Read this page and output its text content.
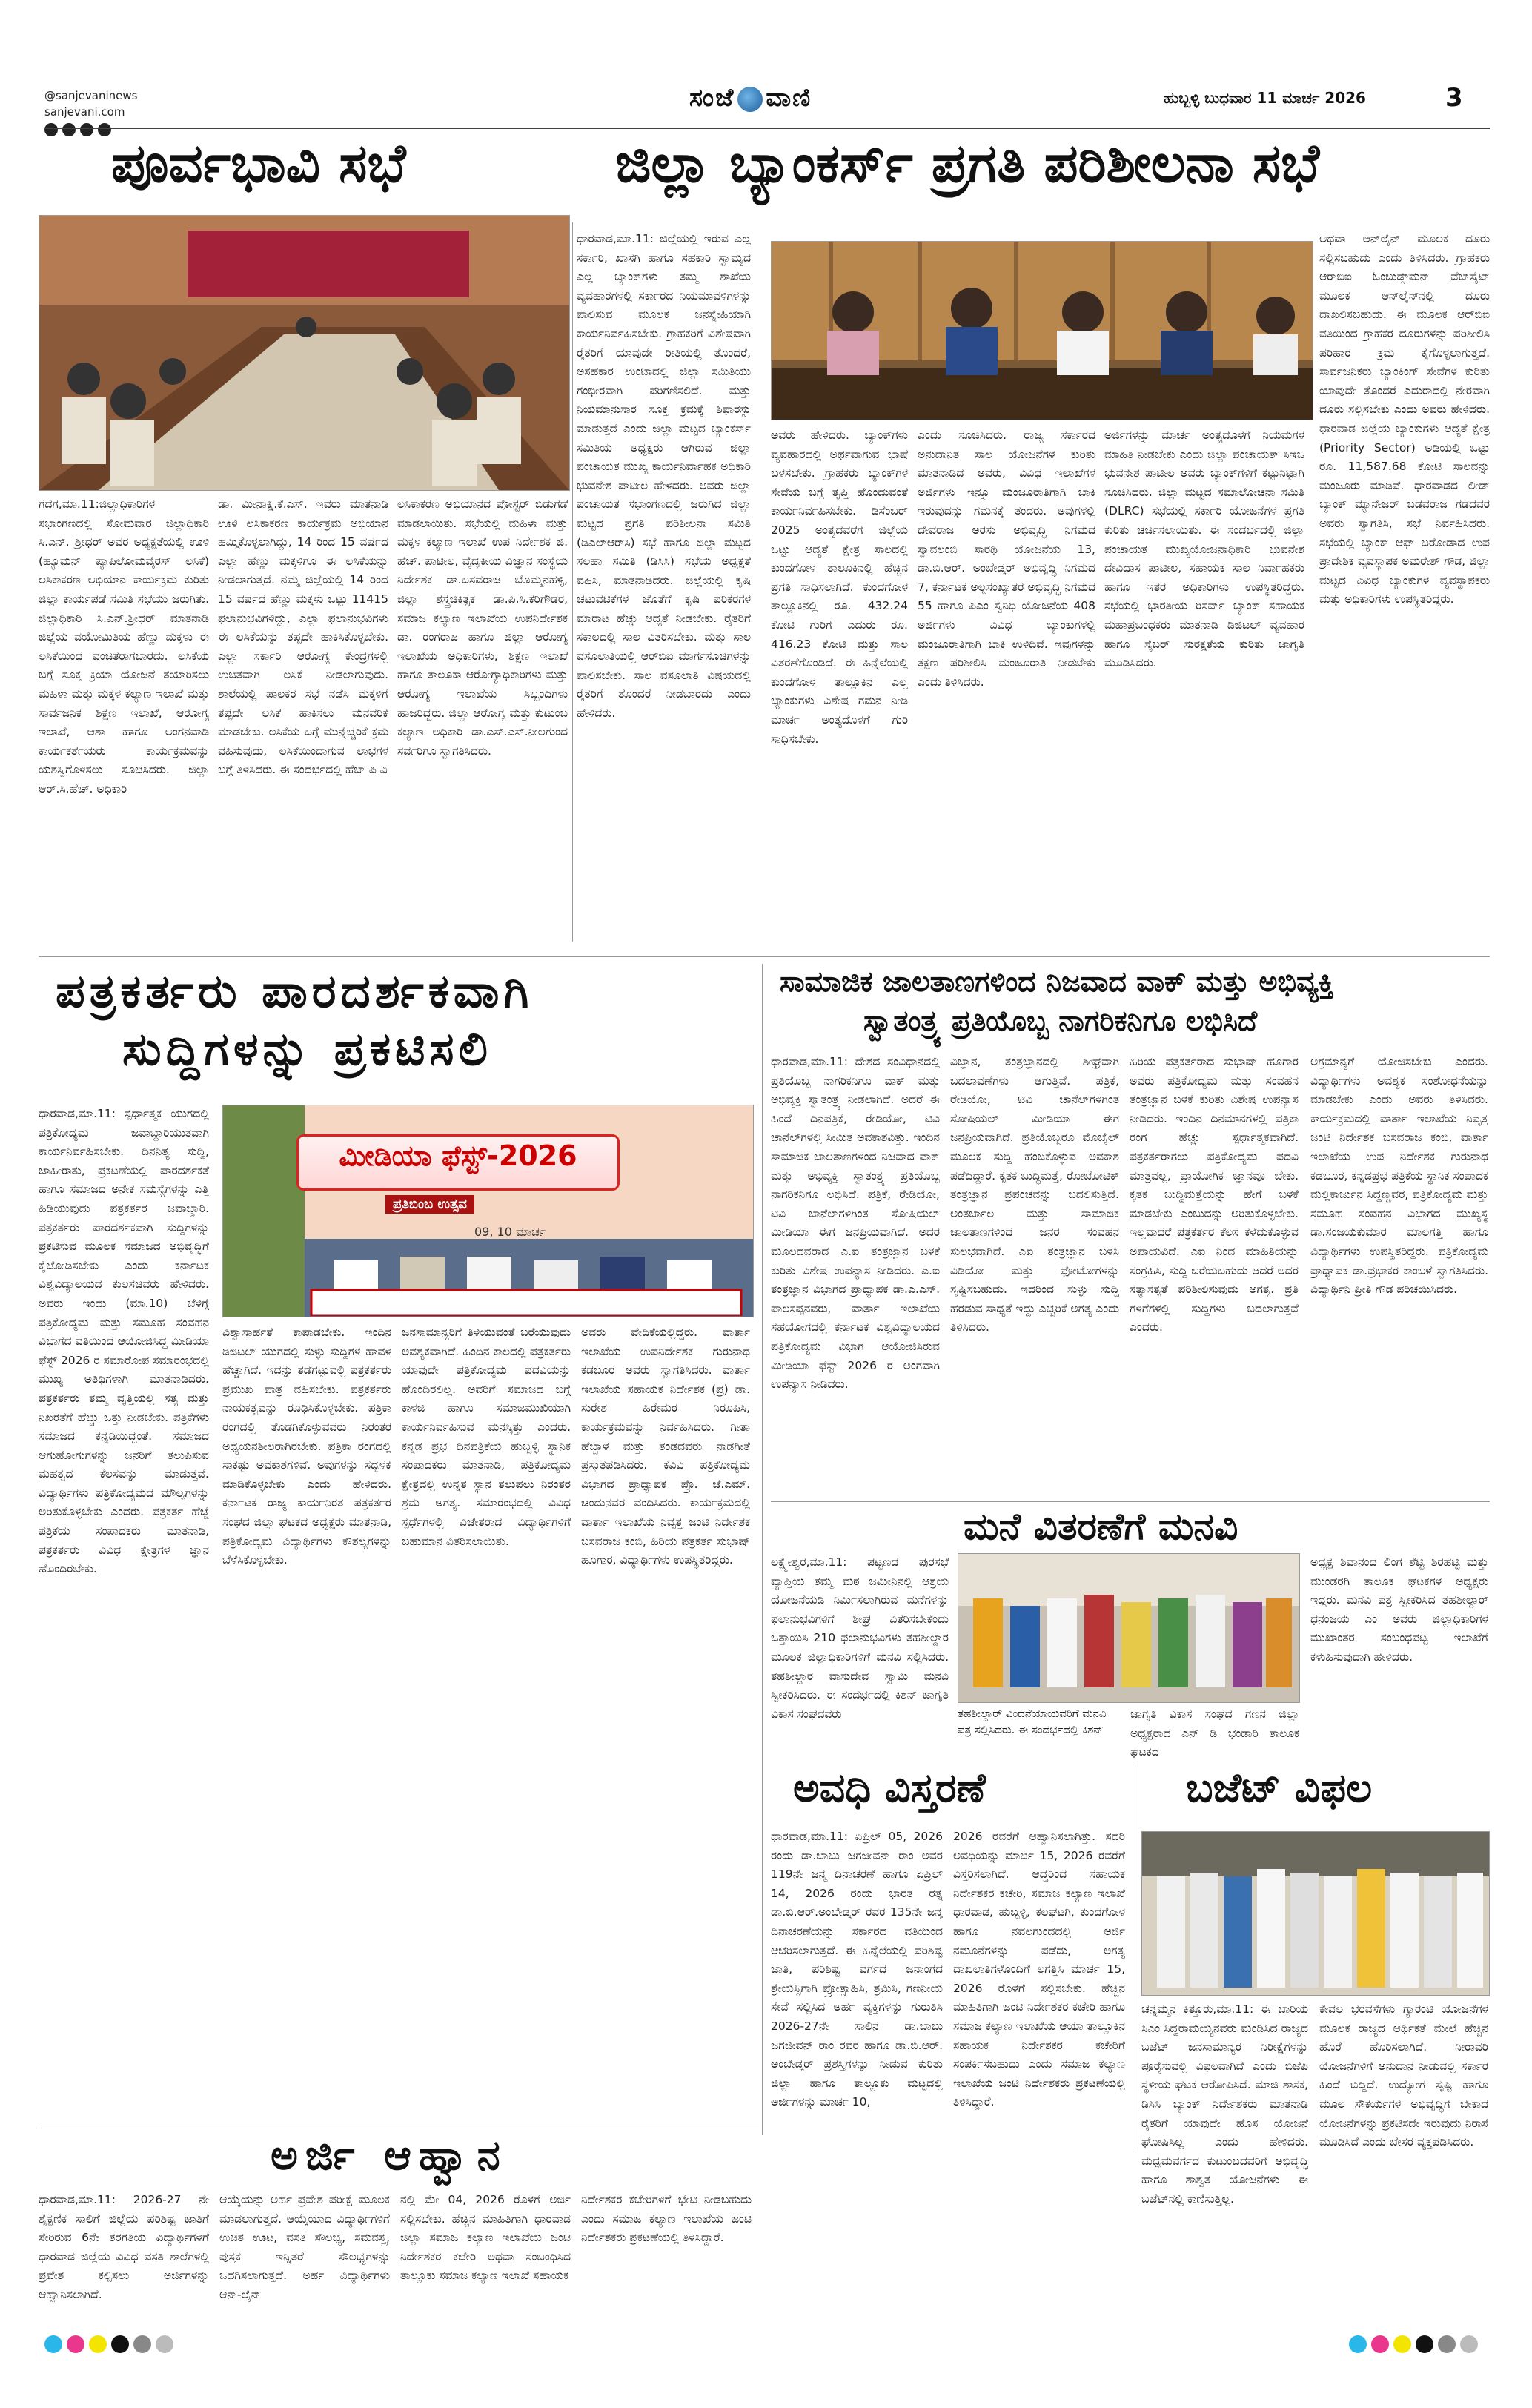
@sanjevaninews
sanjevani.com	ಸಂಜೆ ವಾಣಿ	ಹುಬ್ಬಳ್ಳಿ ಬುಧವಾರ 11 ಮಾರ್ಚ 2026	3
ಪೂರ್ವಭಾವಿ ಸಭೆ
ಗದಗ,ಮಾ.11:ಜಿಲ್ಲಾಧಿಕಾರಿಗಳ ಸಭಾಂಗಣದಲ್ಲಿ ಸೋಮವಾರ ಜಿಲ್ಲಾಧಿಕಾರಿ ಸಿ.ಎನ್. ಶ್ರೀಧರ್ ಅವರ ಅಧ್ಯಕ್ಷತೆಯಲ್ಲಿ ಊಳಿ (ಹ್ಯೂಮನ್ ಪ್ಯಾಪಿಲೋಮವೈರಸ್ ಲಸಿಕೆ) ಲಸಿಕಾಕರಣ ಅಭಿಯಾನ ಕಾರ್ಯಕ್ರಮ ಕುರಿತು ಜಿಲ್ಲಾ ಕಾರ್ಯಪಡೆ ಸಮಿತಿ ಸಭೆಯು ಜರುಗಿತು. ಜಿಲ್ಲಾಧಿಕಾರಿ ಸಿ.ಎನ್.ಶ್ರೀಧರ್ ಮಾತನಾಡಿ ಜಿಲ್ಲೆಯ ವಯೋಮಿತಿಯ ಹೆಣ್ಣು ಮಕ್ಕಳು ಈ ಲಸಿಕೆಯಿಂದ ವಂಚಿತರಾಗಬಾರದು. ಲಸಿಕೆಯ ಬಗ್ಗೆ ಸೂಕ್ತ ಕ್ರಿಯಾ ಯೋಜನೆ ತಯಾರಿಸಲು ಮಹಿಳಾ ಮತ್ತು ಮಕ್ಕಳ ಕಲ್ಯಾಣ ಇಲಾಖೆ ಮತ್ತು ಸಾರ್ವಜನಿಕ ಶಿಕ್ಷಣ ಇಲಾಖೆ, ಆರೋಗ್ಯ ಇಲಾಖೆ, ಆಶಾ ಹಾಗೂ ಅಂಗನವಾಡಿ ಕಾರ್ಯಕರ್ತೆಯರು ಕಾರ್ಯಕ್ರಮವನ್ನು ಯಶಸ್ವಿಗೊಳಿಸಲು ಸೂಚಿಸಿದರು. ಜಿಲ್ಲಾ ಆರ್.ಸಿ.ಹೆಚ್. ಅಧಿಕಾರಿ
ಡಾ. ಮೀನಾಕ್ಷಿ.ಕೆ.ಎಸ್. ಇವರು ಮಾತನಾಡಿ ಊಳಿ ಲಸಿಕಾಕರಣ ಕಾರ್ಯಕ್ರಮ ಅಭಿಯಾನ ಹಮ್ಮಿಕೊಳ್ಳಲಾಗಿದ್ದು, 14 ರಿಂದ 15 ವರ್ಷದ ಎಲ್ಲಾ ಹೆಣ್ಣು ಮಕ್ಕಳಿಗೂ ಈ ಲಸಿಕೆಯನ್ನು ನೀಡಲಾಗುತ್ತದೆ. ನಮ್ಮ ಜಿಲ್ಲೆಯಲ್ಲಿ 14 ರಿಂದ 15 ವರ್ಷದ ಹೆಣ್ಣು ಮಕ್ಕಳು ಒಟ್ಟು 11415 ಫಲಾನುಭವಿಗಳಿದ್ದು, ಎಲ್ಲಾ ಫಲಾನುಭವಿಗಳು ಈ ಲಸಿಕೆಯನ್ನು ತಪ್ಪದೇ ಹಾಕಿಸಿಕೊಳ್ಳಬೇಕು. ಎಲ್ಲಾ ಸರ್ಕಾರಿ ಆರೋಗ್ಯ ಕೇಂದ್ರಗಳಲ್ಲಿ ಉಚಿತವಾಗಿ ಲಸಿಕೆ ನೀಡಲಾಗುವುದು. ಶಾಲೆಯಲ್ಲಿ ಪಾಲಕರ ಸಭೆ ನಡೆಸಿ ಮಕ್ಕಳಿಗೆ ತಪ್ಪದೇ ಲಸಿಕೆ ಹಾಕಿಸಲು ಮನವರಿಕೆ ಮಾಡಬೇಕು. ಲಸಿಕೆಯ ಬಗ್ಗೆ ಮುನ್ನೆಚ್ಚರಿಕೆ ಕ್ರಮ ವಹಿಸುವುದು, ಲಸಿಕೆಯಿಂದಾಗುವ ಲಾಭಗಳ ಬಗ್ಗೆ ತಿಳಿಸಿದರು. ಈ ಸಂದರ್ಭದಲ್ಲಿ ಹೆಚ್ ಪಿ ವಿ
ಲಸಿಕಾಕರಣ ಅಭಿಯಾನದ ಪೋಸ್ಟರ್ ಬಿಡುಗಡೆ ಮಾಡಲಾಯಿತು. ಸಭೆಯಲ್ಲಿ ಮಹಿಳಾ ಮತ್ತು ಮಕ್ಕಳ ಕಲ್ಯಾಣ ಇಲಾಖೆ ಉಪ ನಿರ್ದೇಶಕ ಜಿ. ಹೆಚ್. ಪಾಟೀಲ, ವೈದ್ಯಕೀಯ ವಿಜ್ಞಾನ ಸಂಸ್ಥೆಯ ನಿರ್ದೇಶಕ ಡಾ.ಬಸವರಾಜ ಬೊಮ್ಮನಹಳ್ಳಿ, ಜಿಲ್ಲಾ ಶಸ್ತ್ರಚಿಕಿತ್ಸಕ ಡಾ.ಪಿ.ಸಿ.ಕರಿಗೌಡರ, ಸಮಾಜ ಕಲ್ಯಾಣ ಇಲಾಖೆಯ ಉಪನಿರ್ದೇಶಕ ಡಾ. ರಂಗರಾಜ ಹಾಗೂ ಜಿಲ್ಲಾ ಆರೋಗ್ಯ ಇಲಾಖೆಯ ಅಧಿಕಾರಿಗಳು, ಶಿಕ್ಷಣ ಇಲಾಖೆ ಹಾಗೂ ತಾಲೂಕಾ ಆರೋಗ್ಯಾಧಿಕಾರಿಗಳು ಮತ್ತು ಆರೋಗ್ಯ ಇಲಾಖೆಯ ಸಿಬ್ಬಂದಿಗಳು ಹಾಜರಿದ್ದರು. ಜಿಲ್ಲಾ ಆರೋಗ್ಯ ಮತ್ತು ಕುಟುಂಬ ಕಲ್ಯಾಣ ಅಧಿಕಾರಿ ಡಾ.ಎಸ್.ಎಸ್.ನೀಲಗುಂದ ಸರ್ವರಿಗೂ ಸ್ವಾಗತಿಸಿದರು.
ಜಿಲ್ಲಾ ಬ್ಯಾಂಕರ್ಸ್ ಪ್ರಗತಿ ಪರಿಶೀಲನಾ ಸಭೆ
ಧಾರವಾಡ,ಮಾ.11: ಜಿಲ್ಲೆಯಲ್ಲಿ ಇರುವ ಎಲ್ಲ ಸರ್ಕಾರಿ, ಖಾಸಗಿ ಹಾಗೂ ಸಹಕಾರಿ ಸ್ವಾಮ್ಯದ ಎಲ್ಲ ಬ್ಯಾಂಕ್‌ಗಳು ತಮ್ಮ ಶಾಖೆಯ ವ್ಯವಹಾರಗಳಲ್ಲಿ ಸರ್ಕಾರದ ನಿಯಮಾವಳಿಗಳನ್ನು ಪಾಲಿಸುವ ಮೂಲಕ ಜನಸ್ನೇಹಿಯಾಗಿ ಕಾರ್ಯನಿರ್ವಹಿಸಬೇಕು. ಗ್ರಾಹಕರಿಗೆ ವಿಶೇಷವಾಗಿ ರೈತರಿಗೆ ಯಾವುದೇ ರೀತಿಯಲ್ಲಿ ತೊಂದರೆ, ಅಸಹಕಾರ ಉಂಟಾದಲ್ಲಿ ಜಿಲ್ಲಾ ಸಮಿತಿಯು ಗಂಭೀರವಾಗಿ ಪರಿಗಣಿಸಲಿದೆ. ಮತ್ತು ನಿಯಮಾನುಸಾರ ಸೂಕ್ತ ಕ್ರಮಕ್ಕೆ ಶಿಫಾರಸ್ಸು ಮಾಡುತ್ತದೆ ಎಂದು ಜಿಲ್ಲಾ ಮಟ್ಟದ ಬ್ಯಾಂಕರ್ಸ್ ಸಮಿತಿಯ ಅಧ್ಯಕ್ಷರು ಆಗಿರುವ ಜಿಲ್ಲಾ ಪಂಚಾಯತ ಮುಖ್ಯ ಕಾರ್ಯನಿರ್ವಾಹಕ ಅಧಿಕಾರಿ ಭುವನೇಶ ಪಾಟೀಲ ಹೇಳಿದರು. ಅವರು ಜಿಲ್ಲಾ ಪಂಚಾಯತ ಸಭಾಂಗಣದಲ್ಲಿ ಜರುಗಿದ ಜಿಲ್ಲಾ ಮಟ್ಟದ ಪ್ರಗತಿ ಪರಿಶೀಲನಾ ಸಮಿತಿ (ಡಿಎಲ್‌ಆರ್‌ಸಿ) ಸಭೆ ಹಾಗೂ ಜಿಲ್ಲಾ ಮಟ್ಟದ ಸಲಹಾ ಸಮಿತಿ (ಡಿಸಿಸಿ) ಸಭೆಯ ಅಧ್ಯಕ್ಷತೆ ವಹಿಸಿ, ಮಾತನಾಡಿದರು. ಜಿಲ್ಲೆಯಲ್ಲಿ ಕೃಷಿ ಚಟುವಟಿಕೆಗಳ ಜೊತೆಗೆ ಕೃಷಿ ಪರಿಕರಗಳ ಮಾರಾಟ ಹೆಚ್ಚು ಆದ್ಯತೆ ನೀಡಬೇಕು. ರೈತರಿಗೆ ಸಕಾಲದಲ್ಲಿ ಸಾಲ ವಿತರಿಸಬೇಕು. ಮತ್ತು ಸಾಲ ವಸೂಲಾತಿಯಲ್ಲಿ ಆರ್‌ಬಿಐ ಮಾರ್ಗಸೂಚಿಗಳನ್ನು ಪಾಲಿಸಬೇಕು. ಸಾಲ ವಸೂಲಾತಿ ವಿಷಯದಲ್ಲಿ ರೈತರಿಗೆ ತೊಂದರೆ ನೀಡಬಾರದು ಎಂದು ಹೇಳಿದರು.
ಅವರು ಹೇಳಿದರು. ಬ್ಯಾಂಕ್‌ಗಳು ವ್ಯವಹಾರದಲ್ಲಿ ಅರ್ಥವಾಗುವ ಭಾಷೆ ಬಳಸಬೇಕು. ಗ್ರಾಹಕರು ಬ್ಯಾಂಕ್‌ಗಳ ಸೇವೆಯ ಬಗ್ಗೆ ತೃಪ್ತಿ ಹೊಂದುವಂತೆ ಕಾರ್ಯನಿರ್ವಹಿಸಬೇಕು. ಡಿಸೆಂಬರ್ 2025 ಅಂತ್ಯದವರೆಗೆ ಜಿಲ್ಲೆಯ ಒಟ್ಟು ಆದ್ಯತೆ ಕ್ಷೇತ್ರ ಸಾಲದಲ್ಲಿ ಕುಂದಗೋಳ ತಾಲೂಕಿನಲ್ಲಿ ಹೆಚ್ಚಿನ ಪ್ರಗತಿ ಸಾಧಿಸಲಾಗಿದೆ. ಕುಂದಗೋಳ ತಾಲ್ಲೂಕಿನಲ್ಲಿ ರೂ. 432.24 ಕೋಟಿ ಗುರಿಗೆ ಎದುರು ರೂ. 416.23 ಕೋಟಿ ಮತ್ತು ಸಾಲ ವಿತರಣೆಗೊಂಡಿದೆ. ಈ ಹಿನ್ನೆಲೆಯಲ್ಲಿ ಕುಂದಗೋಳ ತಾಲ್ಲೂಕಿನ ಎಲ್ಲ ಬ್ಯಾಂಕುಗಳು ವಿಶೇಷ ಗಮನ ನೀಡಿ ಮಾರ್ಚ ಅಂತ್ಯದೊಳಗೆ ಗುರಿ ಸಾಧಿಸಬೇಕು.
ಎಂದು ಸೂಚಿಸಿದರು. ರಾಜ್ಯ ಸರ್ಕಾರದ ಅನುದಾನಿತ ಸಾಲ ಯೋಜನೆಗಳ ಕುರಿತು ಮಾತನಾಡಿದ ಅವರು, ವಿವಿಧ ಇಲಾಖೆಗಳ ಅರ್ಜಿಗಳು ಇನ್ನೂ ಮಂಜೂರಾತಿಗಾಗಿ ಬಾಕಿ ಇರುವುದನ್ನು ಗಮನಕ್ಕೆ ತಂದರು. ಅವುಗಳಲ್ಲಿ ದೇವರಾಜ ಅರಸು ಅಭಿವೃದ್ಧಿ ನಿಗಮದ ಸ್ವಾವಲಂಬಿ ಸಾರಥಿ ಯೋಜನೆಯ 13, ಡಾ.ಬಿ.ಆರ್. ಅಂಬೇಡ್ಕರ್ ಅಭಿವೃದ್ಧಿ ನಿಗಮದ 7, ಕರ್ನಾಟಕ ಅಲ್ಪಸಂಖ್ಯಾತರ ಅಭಿವೃದ್ಧಿ ನಿಗಮದ 55 ಹಾಗೂ ಪಿಎಂ ಸ್ವನಿಧಿ ಯೋಜನೆಯ 408 ಅರ್ಜಿಗಳು ವಿವಿಧ ಬ್ಯಾಂಕುಗಳಲ್ಲಿ ಮಂಜೂರಾತಿಗಾಗಿ ಬಾಕಿ ಉಳಿದಿವೆ. ಇವುಗಳನ್ನು ತಕ್ಷಣ ಪರಿಶೀಲಿಸಿ ಮಂಜೂರಾತಿ ನೀಡಬೇಕು ಎಂದು ತಿಳಿಸಿದರು.
ಅರ್ಜಿಗಳನ್ನು ಮಾರ್ಚ ಅಂತ್ಯದೊಳಗೆ ನಿಯಮಗಳ ಮಾಹಿತಿ ನೀಡಬೇಕು ಎಂದು ಜಿಲ್ಲಾ ಪಂಚಾಯತ್ ಸಿಇಒ ಭುವನೇಶ ಪಾಟೀಲ ಅವರು ಬ್ಯಾಂಕ್‌ಗಳಿಗೆ ಕಟ್ಟುನಿಟ್ಟಾಗಿ ಸೂಚಿಸಿದರು. ಜಿಲ್ಲಾ ಮಟ್ಟದ ಸಮಾಲೋಚನಾ ಸಮಿತಿ (DLRC) ಸಭೆಯಲ್ಲಿ ಸರ್ಕಾರಿ ಯೋಜನೆಗಳ ಪ್ರಗತಿ ಕುರಿತು ಚರ್ಚಿಸಲಾಯಿತು. ಈ ಸಂದರ್ಭದಲ್ಲಿ ಜಿಲ್ಲಾ ಪಂಚಾಯತ ಮುಖ್ಯಯೋಜನಾಧಿಕಾರಿ ಭುವನೇಶ ದೇವಿದಾಸ ಪಾಟೀಲ, ಸಹಾಯಕ ಸಾಲ ನಿರ್ವಾಹಕರು ಹಾಗೂ ಇತರ ಅಧಿಕಾರಿಗಳು ಉಪಸ್ಥಿತರಿದ್ದರು. ಸಭೆಯಲ್ಲಿ ಭಾರತೀಯ ರಿಸರ್ವ್ ಬ್ಯಾಂಕ್ ಸಹಾಯಕ ಮಹಾಪ್ರಬಂಧಕರು ಮಾತನಾಡಿ ಡಿಜಿಟಲ್ ವ್ಯವಹಾರ ಹಾಗೂ ಸೈಬರ್ ಸುರಕ್ಷತೆಯ ಕುರಿತು ಜಾಗೃತಿ ಮೂಡಿಸಿದರು.
ಅಥವಾ ಆನ್‌ಲೈನ್ ಮೂಲಕ ದೂರು ಸಲ್ಲಿಸಬಹುದು ಎಂದು ತಿಳಿಸಿದರು. ಗ್ರಾಹಕರು ಆರ್‌ಬಿಐ ಓಂಬುಡ್ಸ್‌ಮನ್ ವೆಬ್‌ಸೈಟ್ ಮೂಲಕ ಆನ್‌ಲೈನ್‌ನಲ್ಲಿ ದೂರು ದಾಖಲಿಸಬಹುದು. ಈ ಮೂಲಕ ಆರ್‌ಬಿಐ ವತಿಯಿಂದ ಗ್ರಾಹಕರ ದೂರುಗಳನ್ನು ಪರಿಶೀಲಿಸಿ ಪರಿಹಾರ ಕ್ರಮ ಕೈಗೊಳ್ಳಲಾಗುತ್ತದೆ. ಸಾರ್ವಜನಿಕರು ಬ್ಯಾಂಕಿಂಗ್ ಸೇವೆಗಳ ಕುರಿತು ಯಾವುದೇ ತೊಂದರೆ ಎದುರಾದಲ್ಲಿ ನೇರವಾಗಿ ದೂರು ಸಲ್ಲಿಸಬೇಕು ಎಂದು ಅವರು ಹೇಳಿದರು. ಧಾರವಾಡ ಜಿಲ್ಲೆಯ ಬ್ಯಾಂಕುಗಳು ಆದ್ಯತೆ ಕ್ಷೇತ್ರ (Priority Sector) ಅಡಿಯಲ್ಲಿ ಒಟ್ಟು ರೂ. 11,587.68 ಕೋಟಿ ಸಾಲವನ್ನು ಮಂಜೂರು ಮಾಡಿವೆ. ಧಾರವಾಡದ ಲೀಡ್ ಬ್ಯಾಂಕ್ ಮ್ಯಾನೇಜರ್ ಬಡವರಾಜ ಗಡದವರ ಅವರು ಸ್ವಾಗತಿಸಿ, ಸಭೆ ನಿರ್ವಹಿಸಿದರು. ಸಭೆಯಲ್ಲಿ ಬ್ಯಾಂಕ್ ಆಫ್ ಬರೋಡಾದ ಉಪ ಪ್ರಾದೇಶಿಕ ವ್ಯವಸ್ಥಾಪಕ ಅಮರೇಶ್ ಗೌಡ, ಜಿಲ್ಲಾ ಮಟ್ಟದ ವಿವಿಧ ಬ್ಯಾಂಕುಗಳ ವ್ಯವಸ್ಥಾಪಕರು ಮತ್ತು ಅಧಿಕಾರಿಗಳು ಉಪಸ್ಥಿತರಿದ್ದರು.
ಪತ್ರಕರ್ತರು ಪಾರದರ್ಶಕವಾಗಿ
ಸುದ್ದಿಗಳನ್ನು ಪ್ರಕಟಿಸಲಿ
ಧಾರವಾಡ,ಮಾ.11: ಸ್ಪರ್ಧಾತ್ಮಕ ಯುಗದಲ್ಲಿ ಪತ್ರಿಕೋದ್ಯಮ ಜವಾಬ್ದಾರಿಯುತವಾಗಿ ಕಾರ್ಯನಿರ್ವಹಿಸಬೇಕು. ದಿನನಿತ್ಯ ಸುದ್ದಿ, ಜಾಹೀರಾತು, ಪ್ರಕಟಣೆಯಲ್ಲಿ ಪಾರದರ್ಶಕತೆ ಹಾಗೂ ಸಮಾಜದ ಅನೇಕ ಸಮಸ್ಯೆಗಳನ್ನು ಎತ್ತಿ ಹಿಡಿಯುವುದು ಪತ್ರಕರ್ತರ ಜವಾಬ್ದಾರಿ. ಪತ್ರಕರ್ತರು ಪಾರದರ್ಶಕವಾಗಿ ಸುದ್ದಿಗಳನ್ನು ಪ್ರಕಟಿಸುವ ಮೂಲಕ ಸಮಾಜದ ಅಭಿವೃದ್ಧಿಗೆ ಕೈಜೋಡಿಸಬೇಕು ಎಂದು ಕರ್ನಾಟಕ ವಿಶ್ವವಿದ್ಯಾಲಯದ ಕುಲಸಚಿವರು ಹೇಳಿದರು. ಅವರು ಇಂದು (ಮಾ.10) ಬೆಳಿಗ್ಗೆ ಪತ್ರಿಕೋದ್ಯಮ ಮತ್ತು ಸಮೂಹ ಸಂವಹನ ವಿಭಾಗದ ವತಿಯಿಂದ ಆಯೋಜಿಸಿದ್ದ ಮೀಡಿಯಾ ಫೆಸ್ಟ್ 2026 ರ ಸಮಾರೋಪ ಸಮಾರಂಭದಲ್ಲಿ ಮುಖ್ಯ ಅತಿಥಿಗಳಾಗಿ ಮಾತನಾಡಿದರು. ಪತ್ರಕರ್ತರು ತಮ್ಮ ವೃತ್ತಿಯಲ್ಲಿ ಸತ್ಯ ಮತ್ತು ನಿಖರತೆಗೆ ಹೆಚ್ಚು ಒತ್ತು ನೀಡಬೇಕು. ಪತ್ರಿಕೆಗಳು ಸಮಾಜದ ಕನ್ನಡಿಯಿದ್ದಂತೆ. ಸಮಾಜದ ಆಗುಹೋಗುಗಳನ್ನು ಜನರಿಗೆ ತಲುಪಿಸುವ ಮಹತ್ವದ ಕೆಲಸವನ್ನು ಮಾಡುತ್ತವೆ. ವಿದ್ಯಾರ್ಥಿಗಳು ಪತ್ರಿಕೋದ್ಯಮದ ಮೌಲ್ಯಗಳನ್ನು ಅರಿತುಕೊಳ್ಳಬೇಕು ಎಂದರು. ಪತ್ರಕರ್ತ ಹೆಜ್ಜೆ ಪತ್ರಿಕೆಯ ಸಂಪಾದಕರು ಮಾತನಾಡಿ, ಪತ್ರಕರ್ತರು ವಿವಿಧ ಕ್ಷೇತ್ರಗಳ ಜ್ಞಾನ ಹೊಂದಿರಬೇಕು.
ಮೀಡಿಯಾ ಫೆಸ್ಟ್-2026
ಪ್ರತಿಬಿಂಬ ಉತ್ಸವ
09, 10 ಮಾರ್ಚ
ವಿಶ್ವಾಸಾರ್ಹತೆ ಕಾಪಾಡಬೇಕು. ಇಂದಿನ ಡಿಜಿಟಲ್ ಯುಗದಲ್ಲಿ ಸುಳ್ಳು ಸುದ್ದಿಗಳ ಹಾವಳಿ ಹೆಚ್ಚಾಗಿದೆ. ಇದನ್ನು ತಡೆಗಟ್ಟುವಲ್ಲಿ ಪತ್ರಕರ್ತರು ಪ್ರಮುಖ ಪಾತ್ರ ವಹಿಸಬೇಕು. ಪತ್ರಕರ್ತರು ನಾಯಕತ್ವವನ್ನು ರೂಢಿಸಿಕೊಳ್ಳಬೇಕು. ಪತ್ರಿಕಾ ರಂಗದಲ್ಲಿ ತೊಡಗಿಕೊಳ್ಳುವವರು ನಿರಂತರ ಅಧ್ಯಯನಶೀಲರಾಗಿರಬೇಕು. ಪತ್ರಿಕಾ ರಂಗದಲ್ಲಿ ಸಾಕಷ್ಟು ಅವಕಾಶಗಳಿವೆ. ಅವುಗಳನ್ನು ಸದ್ಬಳಕೆ ಮಾಡಿಕೊಳ್ಳಬೇಕು ಎಂದು ಹೇಳಿದರು. ಕರ್ನಾಟಕ ರಾಜ್ಯ ಕಾರ್ಯನಿರತ ಪತ್ರಕರ್ತರ ಸಂಘದ ಜಿಲ್ಲಾ ಘಟಕದ ಅಧ್ಯಕ್ಷರು ಮಾತನಾಡಿ, ಪತ್ರಿಕೋದ್ಯಮ ವಿದ್ಯಾರ್ಥಿಗಳು ಕೌಶಲ್ಯಗಳನ್ನು ಬೆಳೆಸಿಕೊಳ್ಳಬೇಕು.
ಜನಸಾಮಾನ್ಯರಿಗೆ ತಿಳಿಯುವಂತೆ ಬರೆಯುವುದು ಅವಶ್ಯಕವಾಗಿದೆ. ಹಿಂದಿನ ಕಾಲದಲ್ಲಿ ಪತ್ರಕರ್ತರು ಯಾವುದೇ ಪತ್ರಿಕೋದ್ಯಮ ಪದವಿಯನ್ನು ಹೊಂದಿರಲಿಲ್ಲ. ಅವರಿಗೆ ಸಮಾಜದ ಬಗ್ಗೆ ಕಾಳಜಿ ಹಾಗೂ ಸಮಾಜಮುಖಿಯಾಗಿ ಕಾರ್ಯನಿರ್ವಹಿಸುವ ಮನಸ್ಸಿತ್ತು ಎಂದರು. ಕನ್ನಡ ಪ್ರಭ ದಿನಪತ್ರಿಕೆಯ ಹುಬ್ಬಳ್ಳಿ ಸ್ಥಾನಿಕ ಸಂಪಾದಕರು ಮಾತನಾಡಿ, ಪತ್ರಿಕೋದ್ಯಮ ಕ್ಷೇತ್ರದಲ್ಲಿ ಉನ್ನತ ಸ್ಥಾನ ತಲುಪಲು ನಿರಂತರ ಶ್ರಮ ಅಗತ್ಯ. ಸಮಾರಂಭದಲ್ಲಿ ವಿವಿಧ ಸ್ಪರ್ಧೆಗಳಲ್ಲಿ ವಿಜೇತರಾದ ವಿದ್ಯಾರ್ಥಿಗಳಿಗೆ ಬಹುಮಾನ ವಿತರಿಸಲಾಯಿತು.
ಅವರು ವೇದಿಕೆಯಲ್ಲಿದ್ದರು. ವಾರ್ತಾ ಇಲಾಖೆಯ ಉಪನಿರ್ದೇಶಕ ಗುರುನಾಥ ಕಡಬೂರ ಅವರು ಸ್ವಾಗತಿಸಿದರು. ವಾರ್ತಾ ಇಲಾಖೆಯ ಸಹಾಯಕ ನಿರ್ದೇಶಕ (ಪ್ರ) ಡಾ. ಸುರೇಶ ಹಿರೇಮಠ ನಿರೂಪಿಸಿ, ಕಾರ್ಯಕ್ರಮವನ್ನು ನಿರ್ವಹಿಸಿದರು. ಗೀತಾ ಹೆಬ್ಬಾಳ ಮತ್ತು ತಂಡದವರು ನಾಡಗೀತೆ ಪ್ರಸ್ತುತಪಡಿಸಿದರು. ಕವಿವಿ ಪತ್ರಿಕೋದ್ಯಮ ವಿಭಾಗದ ಪ್ರಾಧ್ಯಾಪಕ ಪ್ರೊ. ಜೆ.ಎಮ್. ಚಂದುನವರ ವಂದಿಸಿದರು. ಕಾರ್ಯಕ್ರಮದಲ್ಲಿ ವಾರ್ತಾ ಇಲಾಖೆಯ ನಿವೃತ್ತ ಜಂಟಿ ನಿರ್ದೇಶಕ ಬಸವರಾಜ ಕಂಬಿ, ಹಿರಿಯ ಪತ್ರಕರ್ತ ಸುಭಾಷ್ ಹೂಗಾರ, ವಿದ್ಯಾರ್ಥಿಗಳು ಉಪಸ್ಥಿತರಿದ್ದರು.
ಸಾಮಾಜಿಕ ಜಾಲತಾಣಗಳಿಂದ ನಿಜವಾದ ವಾಕ್ ಮತ್ತು ಅಭಿವ್ಯಕ್ತಿ
ಸ್ವಾತಂತ್ರ್ಯ ಪ್ರತಿಯೊಬ್ಬ ನಾಗರಿಕನಿಗೂ ಲಭಿಸಿದೆ
ಧಾರವಾಡ,ಮಾ.11: ದೇಶದ ಸಂವಿಧಾನದಲ್ಲಿ ಪ್ರತಿಯೊಬ್ಬ ನಾಗರಿಕನಿಗೂ ವಾಕ್ ಮತ್ತು ಅಭಿವ್ಯಕ್ತಿ ಸ್ವಾತಂತ್ರ್ಯ ನೀಡಲಾಗಿದೆ. ಅದರೆ ಈ ಹಿಂದೆ ದಿನಪತ್ರಿಕೆ, ರೇಡಿಯೋ, ಟಿವಿ ಚಾನೆಲ್‌ಗಳಲ್ಲಿ ಸೀಮಿತ ಅವಕಾಶವಿತ್ತು. ಇಂದಿನ ಸಾಮಾಜಿಕ ಜಾಲತಾಣಗಳಿಂದ ನಿಜವಾದ ವಾಕ್ ಮತ್ತು ಅಭಿವ್ಯಕ್ತಿ ಸ್ವಾತಂತ್ರ್ಯ ಪ್ರತಿಯೊಬ್ಬ ನಾಗರಿಕನಿಗೂ ಲಭಿಸಿದೆ. ಪತ್ರಿಕೆ, ರೇಡಿಯೋ, ಟಿವಿ ಚಾನೆಲ್‌ಗಳಿಗಿಂತ ಸೋಷಿಯಲ್ ಮೀಡಿಯಾ ಈಗ ಜನಪ್ರಿಯವಾಗಿದೆ. ಅದರ ಮೂಲದವರಾದ ಎ.ಐ ತಂತ್ರಜ್ಞಾನ ಬಳಕೆ ಕುರಿತು ವಿಶೇಷ ಉಪನ್ಯಾಸ ನೀಡಿದರು. ಎ.ಐ ತಂತ್ರಜ್ಞಾನ ವಿಭಾಗದ ಪ್ರಾಧ್ಯಾಪಕ ಡಾ.ಎ.ಎಸ್. ಪಾಲಸಪ್ಪನವರು, ವಾರ್ತಾ ಇಲಾಖೆಯ ಸಹಯೋಗದಲ್ಲಿ ಕರ್ನಾಟಕ ವಿಶ್ವವಿದ್ಯಾಲಯದ ಪತ್ರಿಕೋದ್ಯಮ ವಿಭಾಗ ಆಯೋಜಿಸಿರುವ ಮೀಡಿಯಾ ಫೆಸ್ಟ್ 2026 ರ ಅಂಗವಾಗಿ ಉಪನ್ಯಾಸ ನೀಡಿದರು.
ವಿಜ್ಞಾನ, ತಂತ್ರಜ್ಞಾನದಲ್ಲಿ ಶೀಘ್ರವಾಗಿ ಬದಲಾವಣೆಗಳು ಆಗುತ್ತಿವೆ. ಪತ್ರಿಕೆ, ರೇಡಿಯೋ, ಟಿವಿ ಚಾನೆಲ್‌ಗಳಿಗಿಂತ ಸೋಷಿಯಲ್ ಮೀಡಿಯಾ ಈಗ ಜನಪ್ರಿಯವಾಗಿದೆ. ಪ್ರತಿಯೊಬ್ಬರೂ ಮೊಬೈಲ್ ಮೂಲಕ ಸುದ್ದಿ ಹಂಚಿಕೊಳ್ಳುವ ಅವಕಾಶ ಪಡೆದಿದ್ದಾರೆ. ಕೃತಕ ಬುದ್ಧಿಮತ್ತೆ, ರೋಬೋಟಿಕ್ ತಂತ್ರಜ್ಞಾನ ಪ್ರಪಂಚವನ್ನು ಬದಲಿಸುತ್ತಿದೆ. ಅಂತರ್ಜಾಲ ಮತ್ತು ಸಾಮಾಜಿಕ ಜಾಲತಾಣಗಳಿಂದ ಜನರ ಸಂವಹನ ಸುಲಭವಾಗಿದೆ. ಎಐ ತಂತ್ರಜ್ಞಾನ ಬಳಸಿ ವಿಡಿಯೋ ಮತ್ತು ಫೋಟೋಗಳನ್ನು ಸೃಷ್ಟಿಸಬಹುದು. ಇದರಿಂದ ಸುಳ್ಳು ಸುದ್ದಿ ಹರಡುವ ಸಾಧ್ಯತೆ ಇದ್ದು ಎಚ್ಚರಿಕೆ ಅಗತ್ಯ ಎಂದು ತಿಳಿಸಿದರು.
ಹಿರಿಯ ಪತ್ರಕರ್ತರಾದ ಸುಭಾಷ್ ಹೂಗಾರ ಅವರು ಪತ್ರಿಕೋದ್ಯಮ ಮತ್ತು ಸಂವಹನ ತಂತ್ರಜ್ಞಾನ ಬಳಕೆ ಕುರಿತು ವಿಶೇಷ ಉಪನ್ಯಾಸ ನೀಡಿದರು. ಇಂದಿನ ದಿನಮಾನಗಳಲ್ಲಿ ಪತ್ರಿಕಾ ರಂಗ ಹೆಚ್ಚು ಸ್ಪರ್ಧಾತ್ಮಕವಾಗಿದೆ. ಪತ್ರಕರ್ತರಾಗಲು ಪತ್ರಿಕೋದ್ಯಮ ಪದವಿ ಮಾತ್ರವಲ್ಲ, ಪ್ರಾಯೋಗಿಕ ಜ್ಞಾನವೂ ಬೇಕು. ಕೃತಕ ಬುದ್ಧಿಮತ್ತೆಯನ್ನು ಹೇಗೆ ಬಳಕೆ ಮಾಡಬೇಕು ಎಂಬುದನ್ನು ಅರಿತುಕೊಳ್ಳಬೇಕು. ಇಲ್ಲವಾದರೆ ಪತ್ರಕರ್ತರ ಕೆಲಸ ಕಳೆದುಕೊಳ್ಳುವ ಅಪಾಯವಿದೆ. ಎಐ ನಿಂದ ಮಾಹಿತಿಯನ್ನು ಸಂಗ್ರಹಿಸಿ, ಸುದ್ದಿ ಬರೆಯಬಹುದು ಆದರೆ ಅದರ ಸತ್ಯಾಸತ್ಯತೆ ಪರಿಶೀಲಿಸುವುದು ಅಗತ್ಯ. ಪ್ರತಿ ಗಳಿಗೆಗಳಲ್ಲಿ ಸುದ್ದಿಗಳು ಬದಲಾಗುತ್ತವೆ ಎಂದರು.
ಅಗ್ರಮಾನ್ಯಗೆ ಯೋಜಿಸಬೇಕು ಎಂದರು. ವಿದ್ಯಾರ್ಥಿಗಳು ಅವಶ್ಯಕ ಸಂಶೋಧನೆಯನ್ನು ಮಾಡಬೇಕು ಎಂದು ಅವರು ತಿಳಿಸಿದರು. ಕಾರ್ಯಕ್ರಮದಲ್ಲಿ ವಾರ್ತಾ ಇಲಾಖೆಯ ನಿವೃತ್ತ ಜಂಟಿ ನಿರ್ದೇಶಕ ಬಸವರಾಜ ಕಂಬಿ, ವಾರ್ತಾ ಇಲಾಖೆಯ ಉಪ ನಿರ್ದೇಶಕ ಗುರುನಾಥ ಕಡಬೂರ, ಕನ್ನಡಪ್ರಭ ಪತ್ರಿಕೆಯ ಸ್ಥಾನಿಕ ಸಂಪಾದಕ ಮಲ್ಲಿಕಾರ್ಜುನ ಸಿದ್ದಣ್ಣವರ, ಪತ್ರಿಕೋದ್ಯಮ ಮತ್ತು ಸಮೂಹ ಸಂವಹನ ವಿಭಾಗದ ಮುಖ್ಯಸ್ಥ ಡಾ.ಸಂಜಯಕುಮಾರ ಮಾಲಗತ್ತಿ ಹಾಗೂ ವಿದ್ಯಾರ್ಥಿಗಳು ಉಪಸ್ಥಿತರಿದ್ದರು. ಪತ್ರಿಕೋದ್ಯಮ ಪ್ರಾಧ್ಯಾಪಕ ಡಾ.ಪ್ರಭಾಕರ ಕಾಂಬಳೆ ಸ್ವಾಗತಿಸಿದರು. ವಿದ್ಯಾರ್ಥಿನಿ ಪ್ರೀತಿ ಗೌಡ ಪರಿಚಯಿಸಿದರು.
ಮನೆ ವಿತರಣೆಗೆ ಮನವಿ
ಲಕ್ಷ್ಮೇಶ್ವರ,ಮಾ.11: ಪಟ್ಟಣದ ಪುರಸಭೆ ವ್ಯಾಪ್ತಿಯ ತಮ್ಮ ಮಠ ಜಮೀನಿನಲ್ಲಿ ಆಶ್ರಯ ಯೋಜನೆಯಡಿ ನಿರ್ಮಿಸಲಾಗಿರುವ ಮನೆಗಳನ್ನು ಫಲಾನುಭವಿಗಳಿಗೆ ಶೀಘ್ರ ವಿತರಿಸಬೇಕೆಂದು ಒತ್ತಾಯಿಸಿ 210 ಫಲಾನುಭವಿಗಳು ತಹಶೀಲ್ದಾರ ಮೂಲಕ ಜಿಲ್ಲಾಧಿಕಾರಿಗಳಿಗೆ ಮನವಿ ಸಲ್ಲಿಸಿದರು. ತಹಶೀಲ್ದಾರ ವಾಸುದೇವ ಸ್ವಾಮಿ ಮನವಿ ಸ್ವೀಕರಿಸಿದರು. ಈ ಸಂದರ್ಭದಲ್ಲಿ ಕಿಶನ್ ಜಾಗೃತಿ ವಿಕಾಸ ಸಂಘದವರು	ತಹಶೀಲ್ದಾರ್ ವಿಂದನೆಯಾಯವರಿಗೆ ಮನವಿ ಪತ್ರ ಸಲ್ಲಿಸಿದರು. ಈ ಸಂದರ್ಭದಲ್ಲಿ ಕಿಶನ್
ಜಾಗೃತಿ ವಿಕಾಸ ಸಂಘದ ಗಣನ ಜಿಲ್ಲಾ ಅಧ್ಯಕ್ಷರಾದ ಎನ್ ಡಿ ಭಂಡಾರಿ ತಾಲೂಕ ಘಟಕದ
ಅಧ್ಯಕ್ಷ ಶಿವಾನಂದ ಲಿಂಗ ಶೆಟ್ಟಿ ಶಿರಹಟ್ಟಿ ಮತ್ತು ಮುಂಡರಗಿ ತಾಲೂಕ ಘಟಕಗಳ ಅಧ್ಯಕ್ಷರು ಇದ್ದರು. ಮನವಿ ಪತ್ರ ಸ್ವೀಕರಿಸಿದ ತಹಶೀಲ್ದಾರ್ ಧನಂಜಯ ಎಂ ಅವರು ಜಿಲ್ಲಾಧಿಕಾರಿಗಳ ಮುಖಾಂತರ ಸಂಬಂಧಪಟ್ಟ ಇಲಾಖೆಗೆ ಕಳುಹಿಸುವುದಾಗಿ ಹೇಳಿದರು.
ಅವಧಿ ವಿಸ್ತರಣೆ
ಧಾರವಾಡ,ಮಾ.11: ಏಪ್ರಿಲ್ 05, 2026 ರಂದು ಡಾ.ಬಾಬು ಜಗಜೀವನ್ ರಾಂ ಅವರ 119ನೇ ಜನ್ಮ ದಿನಾಚರಣೆ ಹಾಗೂ ಏಪ್ರಿಲ್ 14, 2026 ರಂದು ಭಾರತ ರತ್ನ ಡಾ.ಬಿ.ಆರ್.ಅಂಬೇಡ್ಕರ್ ರವರ 135ನೇ ಜನ್ಮ ದಿನಾಚರಣೆಯನ್ನು ಸರ್ಕಾರದ ವತಿಯಿಂದ ಆಚರಿಸಲಾಗುತ್ತದೆ. ಈ ಹಿನ್ನೆಲೆಯಲ್ಲಿ ಪರಿಶಿಷ್ಟ ಜಾತಿ, ಪರಿಶಿಷ್ಟ ವರ್ಗದ ಜನಾಂಗದ ಶ್ರೇಯಸ್ಸಿಗಾಗಿ ಪ್ರೋತ್ಸಾಹಿಸಿ, ಶ್ರಮಿಸಿ, ಗಣನೀಯ ಸೇವೆ ಸಲ್ಲಿಸಿದ ಅರ್ಹ ವ್ಯಕ್ತಿಗಳನ್ನು ಗುರುತಿಸಿ 2026-27ನೇ ಸಾಲಿನ ಡಾ.ಬಾಬು ಜಗಜೀವನ್ ರಾಂ ರವರ ಹಾಗೂ ಡಾ.ಬಿ.ಆರ್. ಅಂಬೇಡ್ಕರ್ ಪ್ರಶಸ್ತಿಗಳನ್ನು ನೀಡುವ ಕುರಿತು ಜಿಲ್ಲಾ ಹಾಗೂ ತಾಲ್ಲೂಕು ಮಟ್ಟದಲ್ಲಿ ಅರ್ಜಿಗಳನ್ನು ಮಾರ್ಚ 10,
2026 ರವರೆಗೆ ಆಹ್ವಾನಿಸಲಾಗಿತ್ತು. ಸದರಿ ಅವಧಿಯನ್ನು ಮಾರ್ಚ 15, 2026 ರವರೆಗೆ ವಿಸ್ತರಿಸಲಾಗಿದೆ. ಆದ್ದರಿಂದ ಸಹಾಯಕ ನಿರ್ದೇಶಕರ ಕಚೇರಿ, ಸಮಾಜ ಕಲ್ಯಾಣ ಇಲಾಖೆ ಧಾರವಾಡ, ಹುಬ್ಬಳ್ಳಿ, ಕಲಘಟಗಿ, ಕುಂದಗೋಳ ಹಾಗೂ ನವಲಗುಂದದಲ್ಲಿ ಅರ್ಜಿ ನಮೂನೆಗಳನ್ನು ಪಡೆದು, ಅಗತ್ಯ ದಾಖಲಾತಿಗಳೊಂದಿಗೆ ಲಗತ್ತಿಸಿ ಮಾರ್ಚ 15, 2026 ರೊಳಗೆ ಸಲ್ಲಿಸಬೇಕು. ಹೆಚ್ಚಿನ ಮಾಹಿತಿಗಾಗಿ ಜಂಟಿ ನಿರ್ದೇಶಕರ ಕಚೇರಿ ಹಾಗೂ ಸಮಾಜ ಕಲ್ಯಾಣ ಇಲಾಖೆಯ ಆಯಾ ತಾಲ್ಲೂಕಿನ ಸಹಾಯಕ ನಿರ್ದೇಶಕರ ಕಚೇರಿಗೆ ಸಂಪರ್ಕಿಸಬಹುದು ಎಂದು ಸಮಾಜ ಕಲ್ಯಾಣ ಇಲಾಖೆಯ ಜಂಟಿ ನಿರ್ದೇಶಕರು ಪ್ರಕಟಣೆಯಲ್ಲಿ ತಿಳಿಸಿದ್ದಾರೆ.
ಬಜೆಟ್ ವಿಫಲ
ಚನ್ನಮ್ಮನ ಕಿತ್ತೂರು,ಮಾ.11: ಈ ಬಾರಿಯ ಸಿಎಂ ಸಿದ್ದರಾಮಯ್ಯನವರು ಮಂಡಿಸಿದ ರಾಜ್ಯದ ಬಜೆಟ್ ಜನಸಾಮಾನ್ಯರ ನಿರೀಕ್ಷೆಗಳನ್ನು ಪೂರೈಸುವಲ್ಲಿ ವಿಫಲವಾಗಿದೆ ಎಂದು ಬಿಜೆಪಿ ಸ್ಥಳೀಯ ಘಟಕ ಆರೋಪಿಸಿದೆ. ಮಾಜಿ ಶಾಸಕ, ಡಿಸಿಸಿ ಬ್ಯಾಂಕ್ ನಿರ್ದೇಶಕರು ಮಾತನಾಡಿ ರೈತರಿಗೆ ಯಾವುದೇ ಹೊಸ ಯೋಜನೆ ಘೋಷಿಸಿಲ್ಲ ಎಂದು ಹೇಳಿದರು. ಮಧ್ಯಮವರ್ಗದ ಕುಟುಂಬದವರಿಗೆ ಅಭಿವೃದ್ಧಿ ಹಾಗೂ ಶಾಶ್ವತ ಯೋಜನೆಗಳು ಈ ಬಜೆಟ್‌ನಲ್ಲಿ ಕಾಣಿಸುತ್ತಿಲ್ಲ.
ಕೇವಲ ಭರವಸೆಗಳು ಗ್ಯಾರಂಟಿ ಯೋಜನೆಗಳ ಮೂಲಕ ರಾಜ್ಯದ ಆರ್ಥಿಕತೆ ಮೇಲೆ ಹೆಚ್ಚಿನ ಹೊರೆ ಹೊರಿಸಲಾಗಿದೆ. ನೀರಾವರಿ ಯೋಜನೆಗಳಿಗೆ ಅನುದಾನ ನೀಡುವಲ್ಲಿ ಸರ್ಕಾರ ಹಿಂದೆ ಬಿದ್ದಿದೆ. ಉದ್ಯೋಗ ಸೃಷ್ಟಿ ಹಾಗೂ ಮೂಲ ಸೌಕರ್ಯಗಳ ಅಭಿವೃದ್ಧಿಗೆ ಬೇಕಾದ ಯೋಜನೆಗಳನ್ನು ಪ್ರಕಟಿಸದೇ ಇರುವುದು ನಿರಾಸೆ ಮೂಡಿಸಿದೆ ಎಂದು ಬೇಸರ ವ್ಯಕ್ತಪಡಿಸಿದರು.
ಅರ್ಜಿ ಆಹ್ವಾನ
ಧಾರವಾಡ,ಮಾ.11: 2026-27 ನೇ ಶೈಕ್ಷಣಿಕ ಸಾಲಿಗೆ ಜಿಲ್ಲೆಯ ಪರಿಶಿಷ್ಟ ಜಾತಿಗೆ ಸೇರಿರುವ 6ನೇ ತರಗತಿಯ ವಿದ್ಯಾರ್ಥಿಗಳಿಗೆ ಧಾರವಾಡ ಜಿಲ್ಲೆಯ ವಿವಿಧ ವಸತಿ ಶಾಲೆಗಳಲ್ಲಿ ಪ್ರವೇಶ ಕಲ್ಪಿಸಲು ಅರ್ಜಿಗಳನ್ನು ಆಹ್ವಾನಿಸಲಾಗಿದೆ.
ಆಯ್ಕೆಯನ್ನು ಅರ್ಹ ಪ್ರವೇಶ ಪರೀಕ್ಷೆ ಮೂಲಕ ಮಾಡಲಾಗುತ್ತದೆ. ಆಯ್ಕೆಯಾದ ವಿದ್ಯಾರ್ಥಿಗಳಿಗೆ ಉಚಿತ ಊಟ, ವಸತಿ ಸೌಲಭ್ಯ, ಸಮವಸ್ತ್ರ, ಪುಸ್ತಕ ಇನ್ನಿತರೆ ಸೌಲಭ್ಯಗಳನ್ನು ಒದಗಿಸಲಾಗುತ್ತದೆ. ಅರ್ಹ ವಿದ್ಯಾರ್ಥಿಗಳು ಆನ್-ಲೈನ್
ನಲ್ಲಿ ಮೇ 04, 2026 ರೊಳಗೆ ಅರ್ಜಿ ಸಲ್ಲಿಸಬೇಕು. ಹೆಚ್ಚಿನ ಮಾಹಿತಿಗಾಗಿ ಧಾರವಾಡ ಜಿಲ್ಲಾ ಸಮಾಜ ಕಲ್ಯಾಣ ಇಲಾಖೆಯ ಜಂಟಿ ನಿರ್ದೇಶಕರ ಕಚೇರಿ ಅಥವಾ ಸಂಬಂಧಿಸಿದ ತಾಲ್ಲೂಕು ಸಮಾಜ ಕಲ್ಯಾಣ ಇಲಾಖೆ ಸಹಾಯಕ
ನಿರ್ದೇಶಕರ ಕಚೇರಿಗಳಿಗೆ ಭೇಟಿ ನೀಡಬಹುದು ಎಂದು ಸಮಾಜ ಕಲ್ಯಾಣ ಇಲಾಖೆಯ ಜಂಟಿ ನಿರ್ದೇಶಕರು ಪ್ರಕಟಣೆಯಲ್ಲಿ ತಿಳಿಸಿದ್ದಾರೆ.
